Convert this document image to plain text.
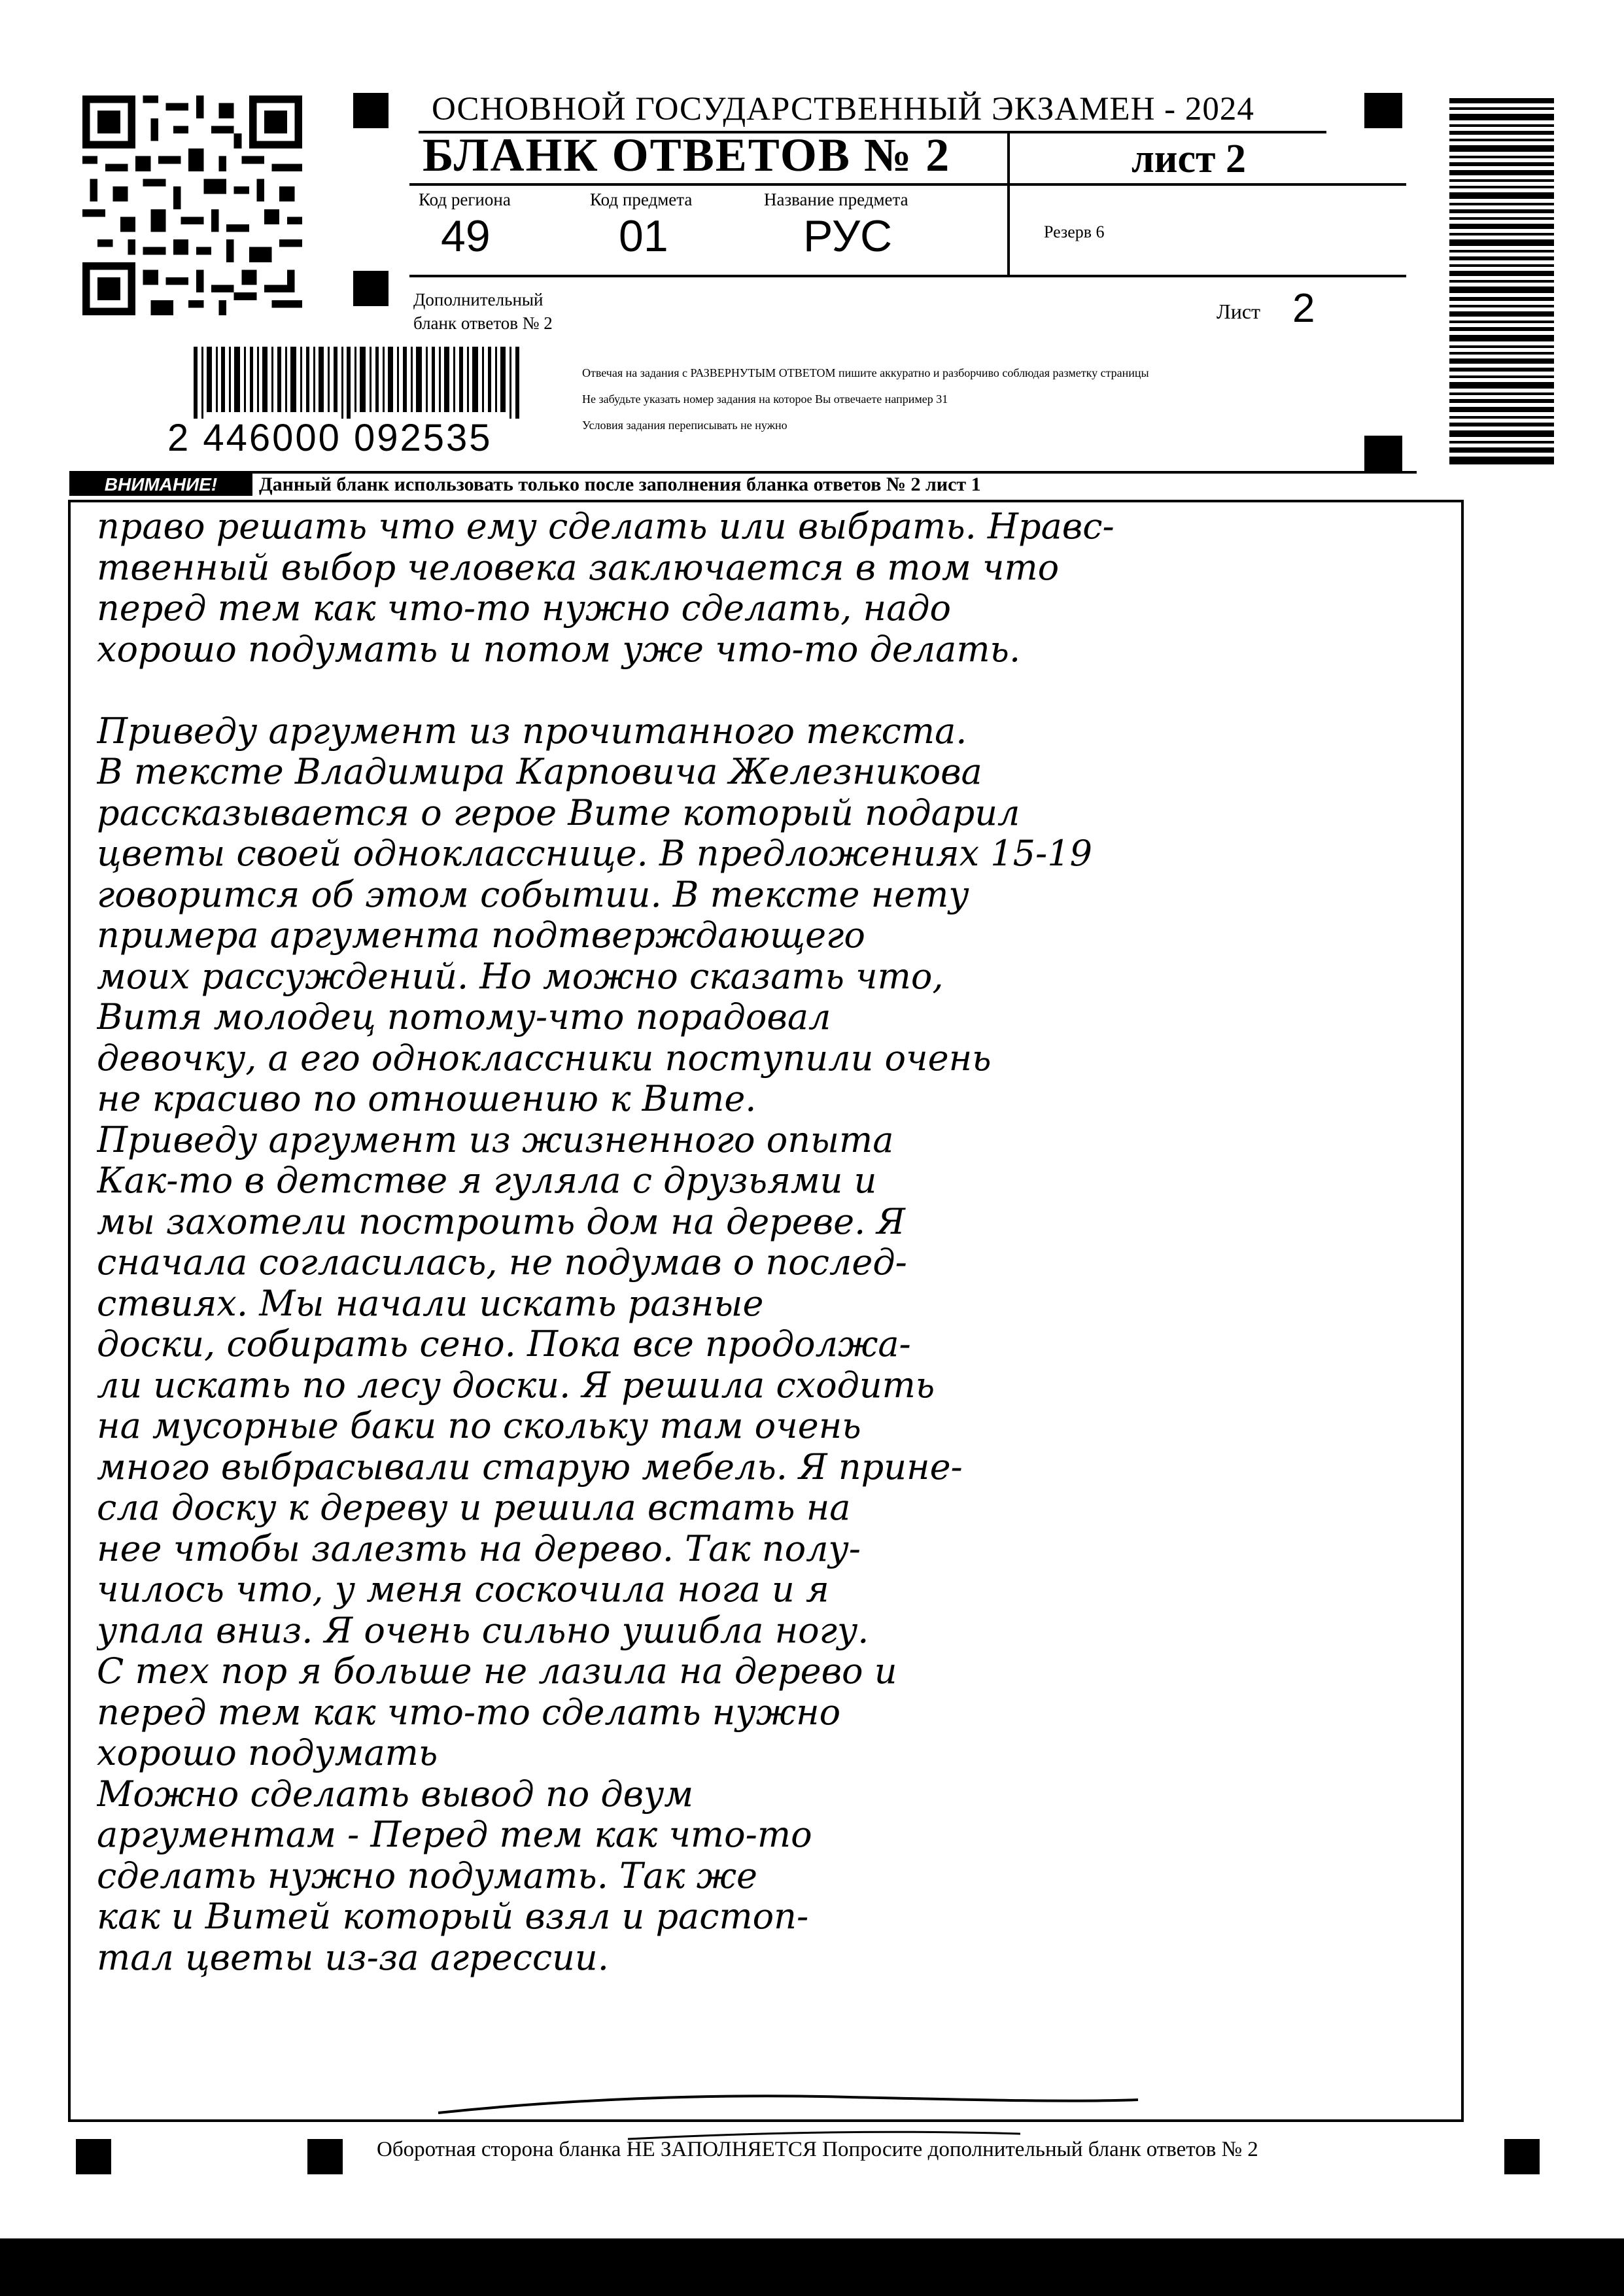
2 446000 092535
ОСНОВНОЙ ГОСУДАРСТВЕННЫЙ ЭКЗАМЕН - 2024
БЛАНК ОТВЕТОВ № 2	лист 2
Код региона
49
Код предмета
01
Название предмета
РУС	Резерв 6
Дополнительный
бланк ответов № 2	Лист 2
Отвечая на задания с РАЗВЕРНУТЫМ ОТВЕТОМ пишите аккуратно и разборчиво соблюдая разметку страницы
Не забудьте указать номер задания на которое Вы отвечаете например 31
Условия задания переписывать не нужно
ВНИМАНИЕ!	Данный бланк использовать только после заполнения бланка ответов № 2 лист 1
право решать что ему сделать или выбрать. Нравс-
твенный выбор человека заключается в том что
перед тем как что-то нужно сделать, надо
хорошо подумать и потом уже что-то делать.

Приведу аргумент из прочитанного текста.
В тексте Владимира Карповича Железникова
рассказывается о герое Вите который подарил
цветы своей однокласснице. В предложениях 15-19
говорится об этом событии. В тексте нету
примера аргумента подтверждающего
моих рассуждений. Но можно сказать что,
Витя молодец потому-что порадовал
девочку, а его одноклассники поступили очень
не красиво по отношению к Вите.
Приведу аргумент из жизненного опыта
Как-то в детстве я гуляла с друзьями и
мы захотели построить дом на дереве. Я
сначала согласилась, не подумав о послед-
ствиях. Мы начали искать разные
доски, собирать сено. Пока все продолжа-
ли искать по лесу доски. Я решила сходить
на мусорные баки по скольку там очень
много выбрасывали старую мебель. Я прине-
сла доску к дереву и решила встать на
нее чтобы залезть на дерево. Так полу-
чилось что, у меня соскочила нога и я
упала вниз. Я очень сильно ушибла ногу.
С тех пор я больше не лазила на дерево и
перед тем как что-то сделать нужно
хорошо подумать
Можно сделать вывод по двум
аргументам - Перед тем как что-то
сделать нужно подумать. Так же
как и Витей который взял и растоп-
тал цветы из-за агрессии.
Оборотная сторона бланка НЕ ЗАПОЛНЯЕТСЯ Попросите дополнительный бланк ответов № 2
